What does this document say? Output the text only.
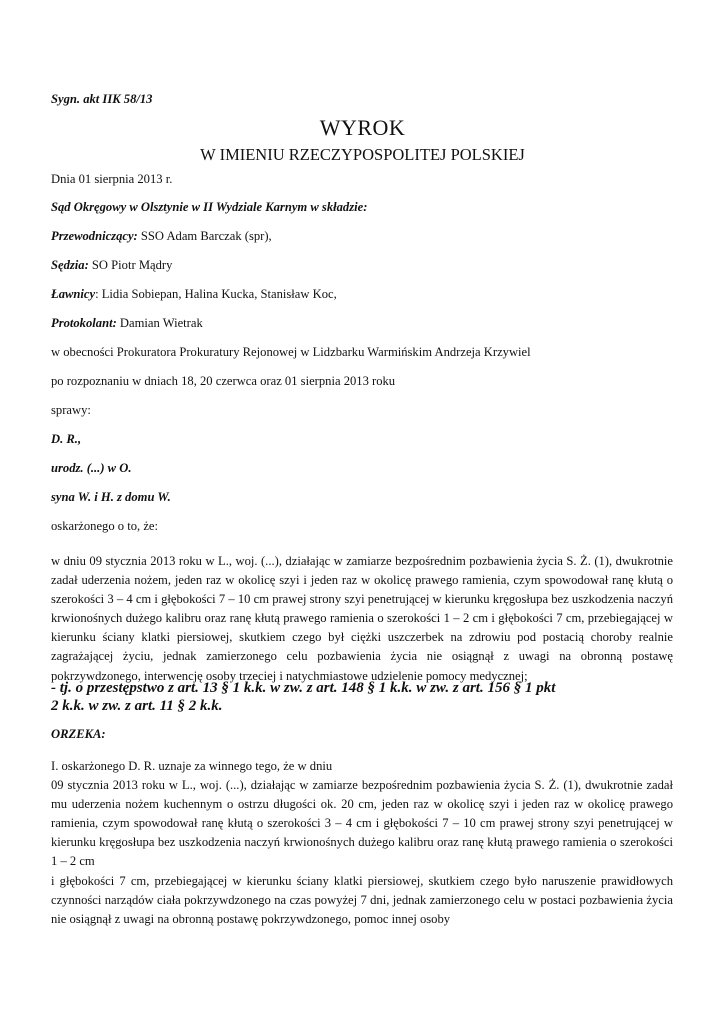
Sygn. akt IIK 58/13
WYROK
W IMIENIU RZECZYPOSPOLITEJ POLSKIEJ
Dnia 01 sierpnia 2013 r.
Sąd Okręgowy w Olsztynie w II Wydziale Karnym w składzie:
Przewodniczący: SSO Adam Barczak (spr),
Sędzia: SO Piotr Mądry
Ławnicy: Lidia Sobiepan, Halina Kucka, Stanisław Koc,
Protokolant: Damian Wietrak
w obecności Prokuratora Prokuratury Rejonowej w Lidzbarku Warmińskim Andrzeja Krzywiel
po rozpoznaniu w dniach 18, 20 czerwca oraz 01 sierpnia 2013 roku
sprawy:
D. R.,
urodz. (...) w O.
syna W. i H. z domu W.
oskarżonego o to, że:
w dniu 09 stycznia 2013 roku w L., woj. (...), działając w zamiarze bezpośrednim pozbawienia życia S. Ż. (1), dwukrotnie zadał uderzenia nożem, jeden raz w okolicę szyi i jeden raz w okolicę prawego ramienia, czym spowodował ranę kłutą o szerokości 3 – 4 cm i głębokości 7 – 10 cm prawej strony szyi penetrującej w kierunku kręgosłupa bez uszkodzenia naczyń krwionośnych dużego kalibru oraz ranę kłutą prawego ramienia o szerokości 1 – 2 cm i głębokości 7 cm, przebiegającej w kierunku ściany klatki piersiowej, skutkiem czego był ciężki uszczerbek na zdrowiu pod postacią choroby realnie zagrażającej życiu, jednak zamierzonego celu pozbawienia życia nie osiągnął z uwagi na obronną postawę pokrzywdzonego, interwencję osoby trzeciej i natychmiastowe udzielenie pomocy medycznej;
- tj. o przestępstwo z art. 13 § 1 k.k. w zw. z art. 148 § 1 k.k. w zw. z art. 156 § 1 pkt
2 k.k. w zw. z art. 11 § 2 k.k.
ORZEKA:
I. oskarżonego D. R. uznaje za winnego tego, że w dniu
09 stycznia 2013 roku w L., woj. (...), działając w zamiarze bezpośrednim pozbawienia życia S. Ż. (1), dwukrotnie zadał mu uderzenia nożem kuchennym o ostrzu długości ok. 20 cm, jeden raz w okolicę szyi i jeden raz w okolicę prawego ramienia, czym spowodował ranę kłutą o szerokości 3 – 4 cm i głębokości 7 – 10 cm prawej strony szyi penetrującej w kierunku kręgosłupa bez uszkodzenia naczyń krwionośnych dużego kalibru oraz ranę kłutą prawego ramienia o szerokości 1 – 2 cm
i głębokości 7 cm, przebiegającej w kierunku ściany klatki piersiowej, skutkiem czego było naruszenie prawidłowych czynności narządów ciała pokrzywdzonego na czas powyżej 7 dni, jednak zamierzonego celu w postaci pozbawienia życia nie osiągnął z uwagi na obronną postawę pokrzywdzonego, pomoc innej osoby
